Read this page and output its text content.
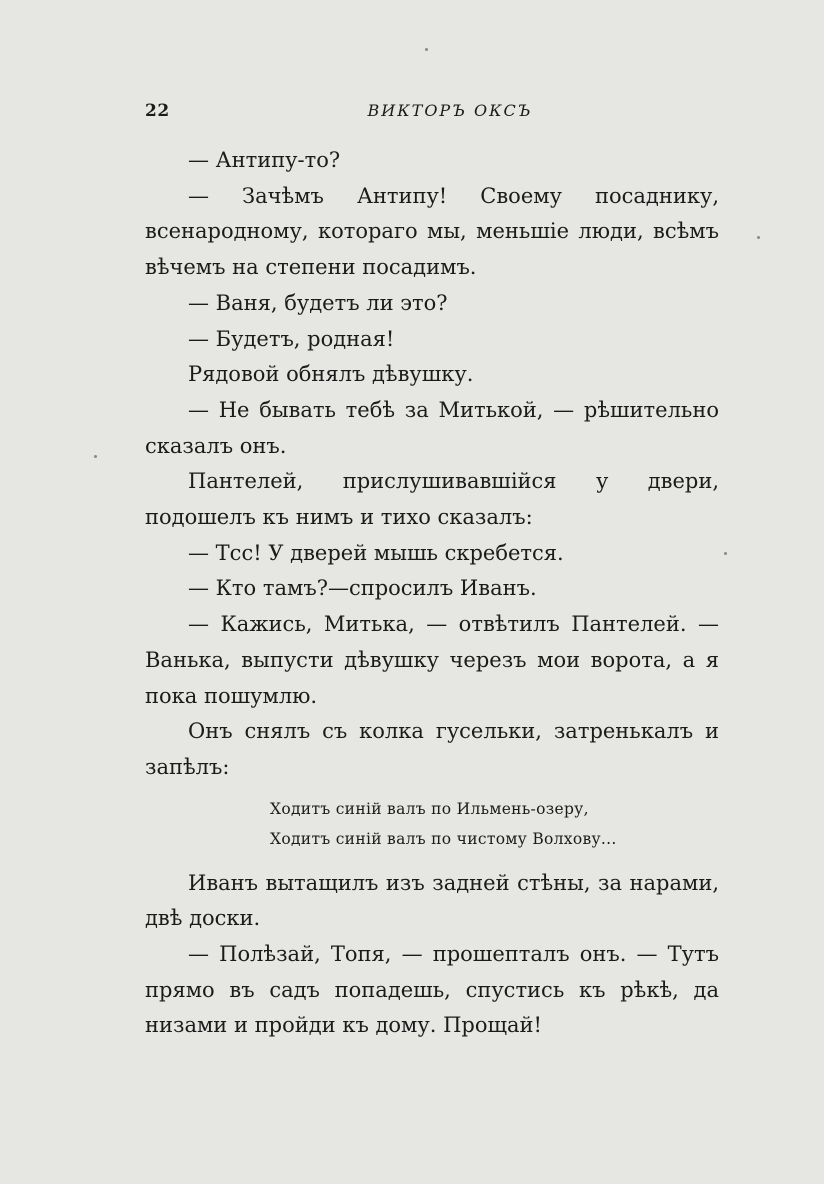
22	ВИКТОРЪ ОКСЪ

— Антипу-то?

— Зачѣмъ Антипу! Своему посаднику, всенародному, котораго мы, меньшіе люди, всѣмъ вѣчемъ на степени посадимъ.

— Ваня, будетъ ли это?

— Будетъ, родная!

Рядовой обнялъ дѣвушку.

— Не бывать тебѣ за Митькой, — рѣшительно сказалъ онъ.

Пантелей, прислушивавшійся у двери, подошелъ къ нимъ и тихо сказалъ:

— Тсс! У дверей мышь скребется.

— Кто тамъ?—спросилъ Иванъ.

— Кажись, Митька, — отвѣтилъ Пантелей. — Ванька, выпусти дѣвушку черезъ мои ворота, а я пока пошумлю.

Онъ снялъ съ колка гусельки, затренькалъ и запѣлъ:

Ходитъ синій валъ по Ильмень-озеру,
Ходитъ синій валъ по чистому Волхову...

Иванъ вытащилъ изъ задней стѣны, за нарами, двѣ доски.

— Полѣзай, Топя, — прошепталъ онъ. — Тутъ прямо въ садъ попадешь, спустись къ рѣкѣ, да низами и пройди къ дому. Прощай!
